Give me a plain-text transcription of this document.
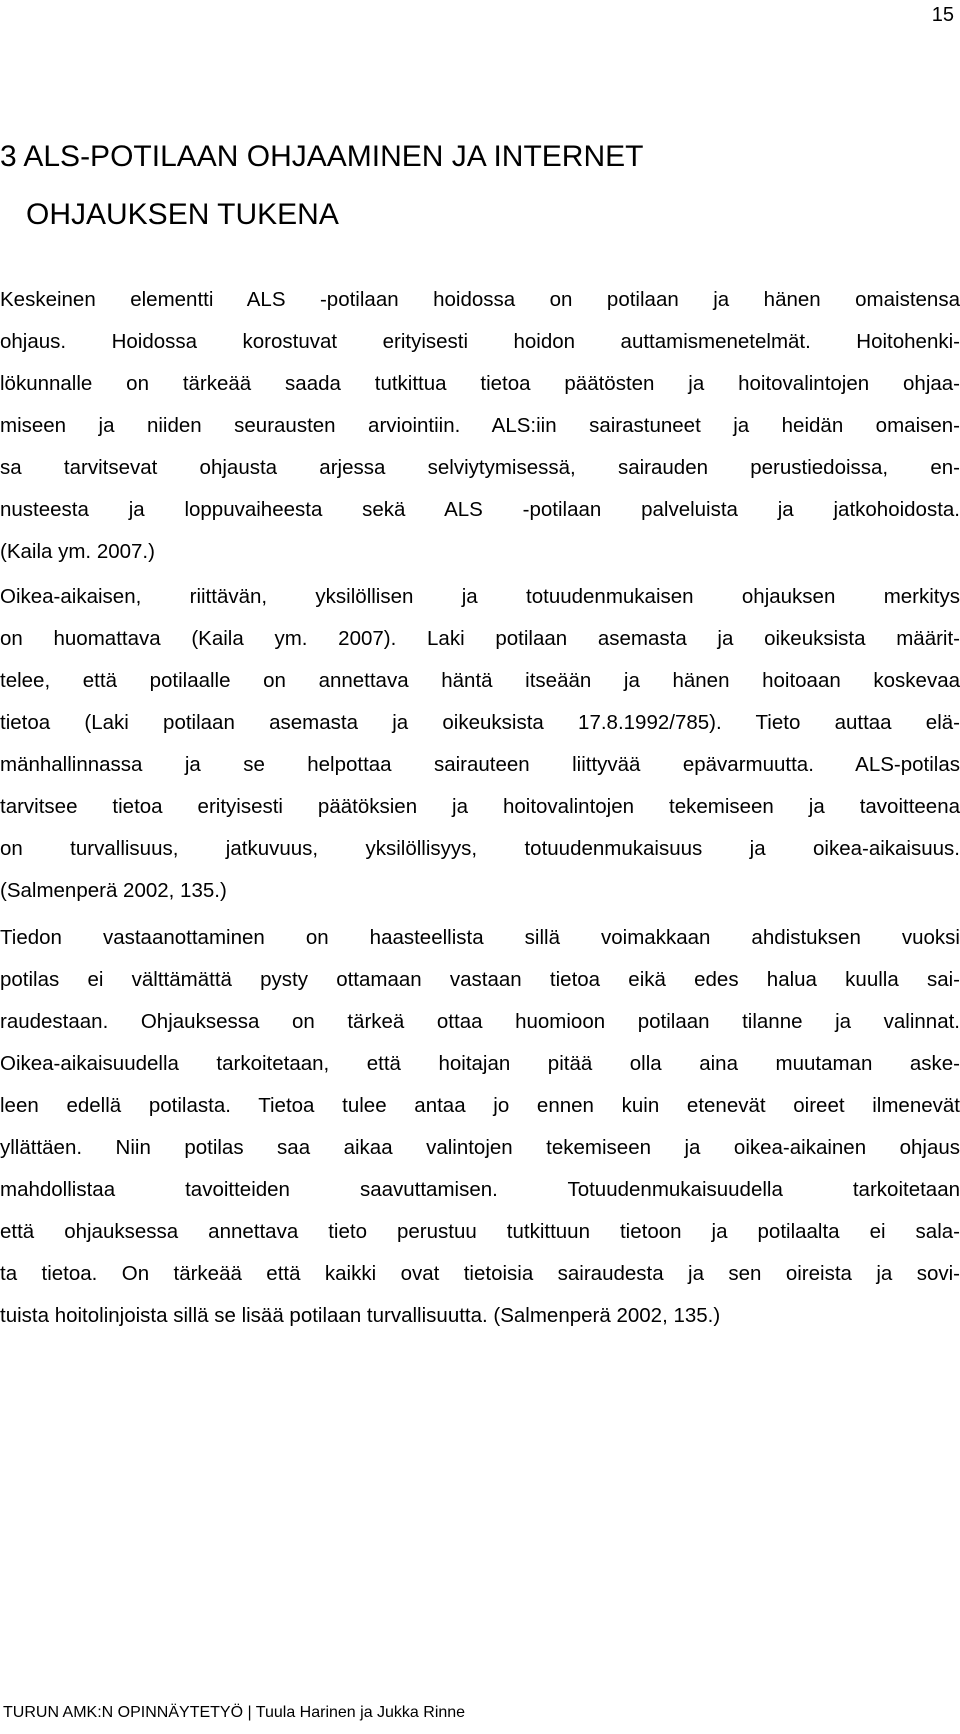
15
3 ALS-POTILAAN OHJAAMINEN JA INTERNET
OHJAUKSEN TUKENA
Keskeinen elementti ALS -potilaan hoidossa on potilaan ja hänen omaistensa
ohjaus. Hoidossa korostuvat erityisesti hoidon auttamismenetelmät. Hoitohenki-
lökunnalle on tärkeää saada tutkittua tietoa päätösten ja hoitovalintojen ohjaa-
miseen ja niiden seurausten arviointiin. ALS:iin sairastuneet ja heidän omaisen-
sa tarvitsevat ohjausta arjessa selviytymisessä, sairauden perustiedoissa, en-
nusteesta ja loppuvaiheesta sekä ALS -potilaan palveluista ja jatkohoidosta.
(Kaila ym. 2007.)
Oikea-aikaisen, riittävän, yksilöllisen ja totuudenmukaisen ohjauksen merkitys
on huomattava (Kaila ym. 2007). Laki potilaan asemasta ja oikeuksista määrit-
telee, että potilaalle on annettava häntä itseään ja hänen hoitoaan koskevaa
tietoa (Laki potilaan asemasta ja oikeuksista 17.8.1992/785). Tieto auttaa elä-
mänhallinnassa ja se helpottaa sairauteen liittyvää epävarmuutta. ALS-potilas
tarvitsee tietoa erityisesti päätöksien ja hoitovalintojen tekemiseen ja tavoitteena
on turvallisuus, jatkuvuus, yksilöllisyys, totuudenmukaisuus ja oikea-aikaisuus.
(Salmenperä 2002, 135.)
Tiedon vastaanottaminen on haasteellista sillä voimakkaan ahdistuksen vuoksi
potilas ei välttämättä pysty ottamaan vastaan tietoa eikä edes halua kuulla sai-
raudestaan. Ohjauksessa on tärkeä ottaa huomioon potilaan tilanne ja valinnat.
Oikea-aikaisuudella tarkoitetaan, että hoitajan pitää olla aina muutaman aske-
leen edellä potilasta. Tietoa tulee antaa jo ennen kuin etenevät oireet ilmenevät
yllättäen. Niin potilas saa aikaa valintojen tekemiseen ja oikea-aikainen ohjaus
mahdollistaa tavoitteiden saavuttamisen. Totuudenmukaisuudella tarkoitetaan
että ohjauksessa annettava tieto perustuu tutkittuun tietoon ja potilaalta ei sala-
ta tietoa. On tärkeää että kaikki ovat tietoisia sairaudesta ja sen oireista ja sovi-
tuista hoitolinjoista sillä se lisää potilaan turvallisuutta. (Salmenperä 2002, 135.)
TURUN AMK:N OPINNÄYTETYÖ | Tuula Harinen ja Jukka Rinne
